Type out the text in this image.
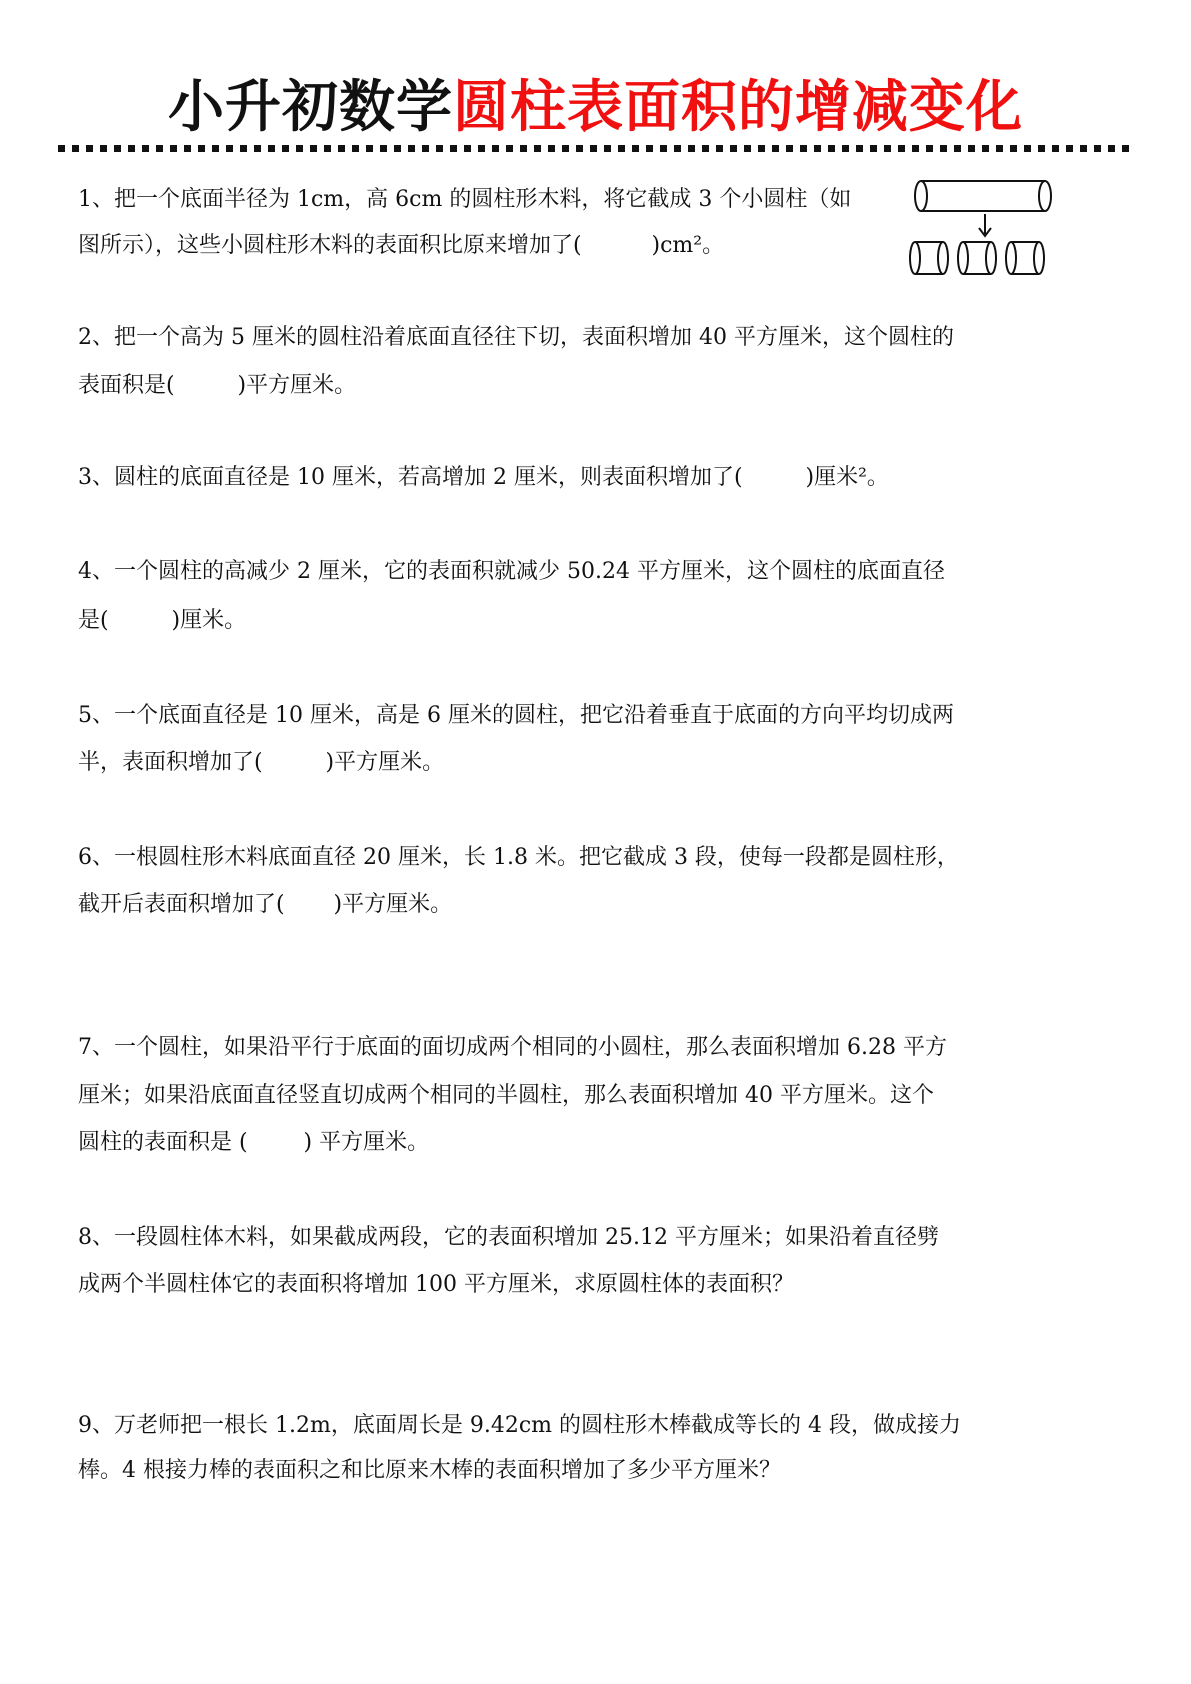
小升初数学圆柱表面积的增减变化
1、把一个底面半径为 1cm，高 6cm 的圆柱形木料，将它截成 3 个小圆柱（如
图所示），这些小圆柱形木料的表面积比原来增加了(          )cm²。
2、把一个高为 5 厘米的圆柱沿着底面直径往下切，表面积增加 40 平方厘米，这个圆柱的
表面积是(         )平方厘米。
3、圆柱的底面直径是 10 厘米，若高增加 2 厘米，则表面积增加了(         )厘米²。
4、一个圆柱的高减少 2 厘米，它的表面积就减少 50.24 平方厘米，这个圆柱的底面直径
是(         )厘米。
5、一个底面直径是 10 厘米，高是 6 厘米的圆柱，把它沿着垂直于底面的方向平均切成两
半，表面积增加了(         )平方厘米。
6、一根圆柱形木料底面直径 20 厘米，长 1.8 米。把它截成 3 段，使每一段都是圆柱形，
截开后表面积增加了(       )平方厘米。
7、一个圆柱，如果沿平行于底面的面切成两个相同的小圆柱，那么表面积增加 6.28 平方
厘米；如果沿底面直径竖直切成两个相同的半圆柱，那么表面积增加 40 平方厘米。这个
圆柱的表面积是 (        ) 平方厘米。
8、一段圆柱体木料，如果截成两段，它的表面积增加 25.12 平方厘米；如果沿着直径劈
成两个半圆柱体它的表面积将增加 100 平方厘米，求原圆柱体的表面积？
9、万老师把一根长 1.2m，底面周长是 9.42cm 的圆柱形木棒截成等长的 4 段，做成接力
棒。4 根接力棒的表面积之和比原来木棒的表面积增加了多少平方厘米？
